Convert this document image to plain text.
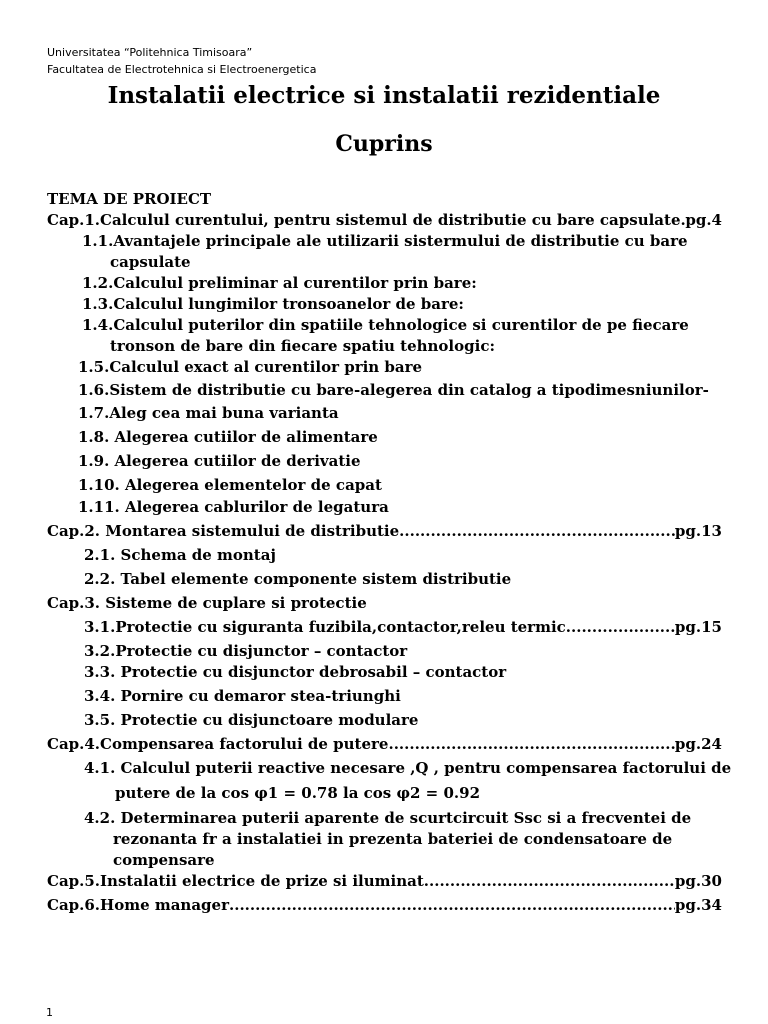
Universitatea “Politehnica Timisoara”
Facultatea de Electrotehnica si Electroenergetica
Instalatii electrice si instalatii rezidentiale
Cuprins
TEMA DE PROIECT
Cap.1.Calculul curentului, pentru sistemul de distributie cu bare capsulate ..... pg.4
1.1.Avantajele principale ale utilizarii sistermului de distributie cu bare
capsulate
1.2.Calculul preliminar al curentilor prin bare:
1.3.Calculul lungimilor tronsoanelor de bare:
1.4.Calculul puterilor din spatiile tehnologice si curentilor de pe fiecare
tronson de bare din fiecare spatiu tehnologic:
1.5.Calculul exact al curentilor prin bare
1.6.Sistem de distributie cu bare-alegerea din catalog a tipodimesniunilor-
1.7.Aleg cea mai buna varianta
1.8. Alegerea cutiilor de alimentare
1.9. Alegerea cutiilor de derivatie
1.10. Alegerea elementelor de capat
1.11. Alegerea cablurilor de legatura
Cap.2. Montarea sistemului de distributie .....	pg.13
2.1. Schema de montaj
2.2. Tabel elemente componente sistem distributie
Cap.3. Sisteme de cuplare si protectie
3.1.Protectie cu siguranta fuzibila,contactor,releu termic .....	pg.15
3.2.Protectie cu disjunctor – contactor
3.3. Protectie cu disjunctor debrosabil – contactor
3.4. Pornire cu demaror stea-triunghi
3.5. Protectie cu disjunctoare modulare
Cap.4.Compensarea factorului de putere .....	pg.24
4.1. Calculul puterii reactive necesare ,Q , pentru compensarea factorului de
putere de la cos φ1 = 0.78 la cos φ2 = 0.92
4.2. Determinarea puterii aparente de scurtcircuit Ssc si a frecventei de
rezonanta fr a instalatiei in prezenta bateriei de condensatoare de
compensare
Cap.5.Instalatii electrice de prize si iluminat .....	pg.30
Cap.6.Home manager .....	pg.34
1
